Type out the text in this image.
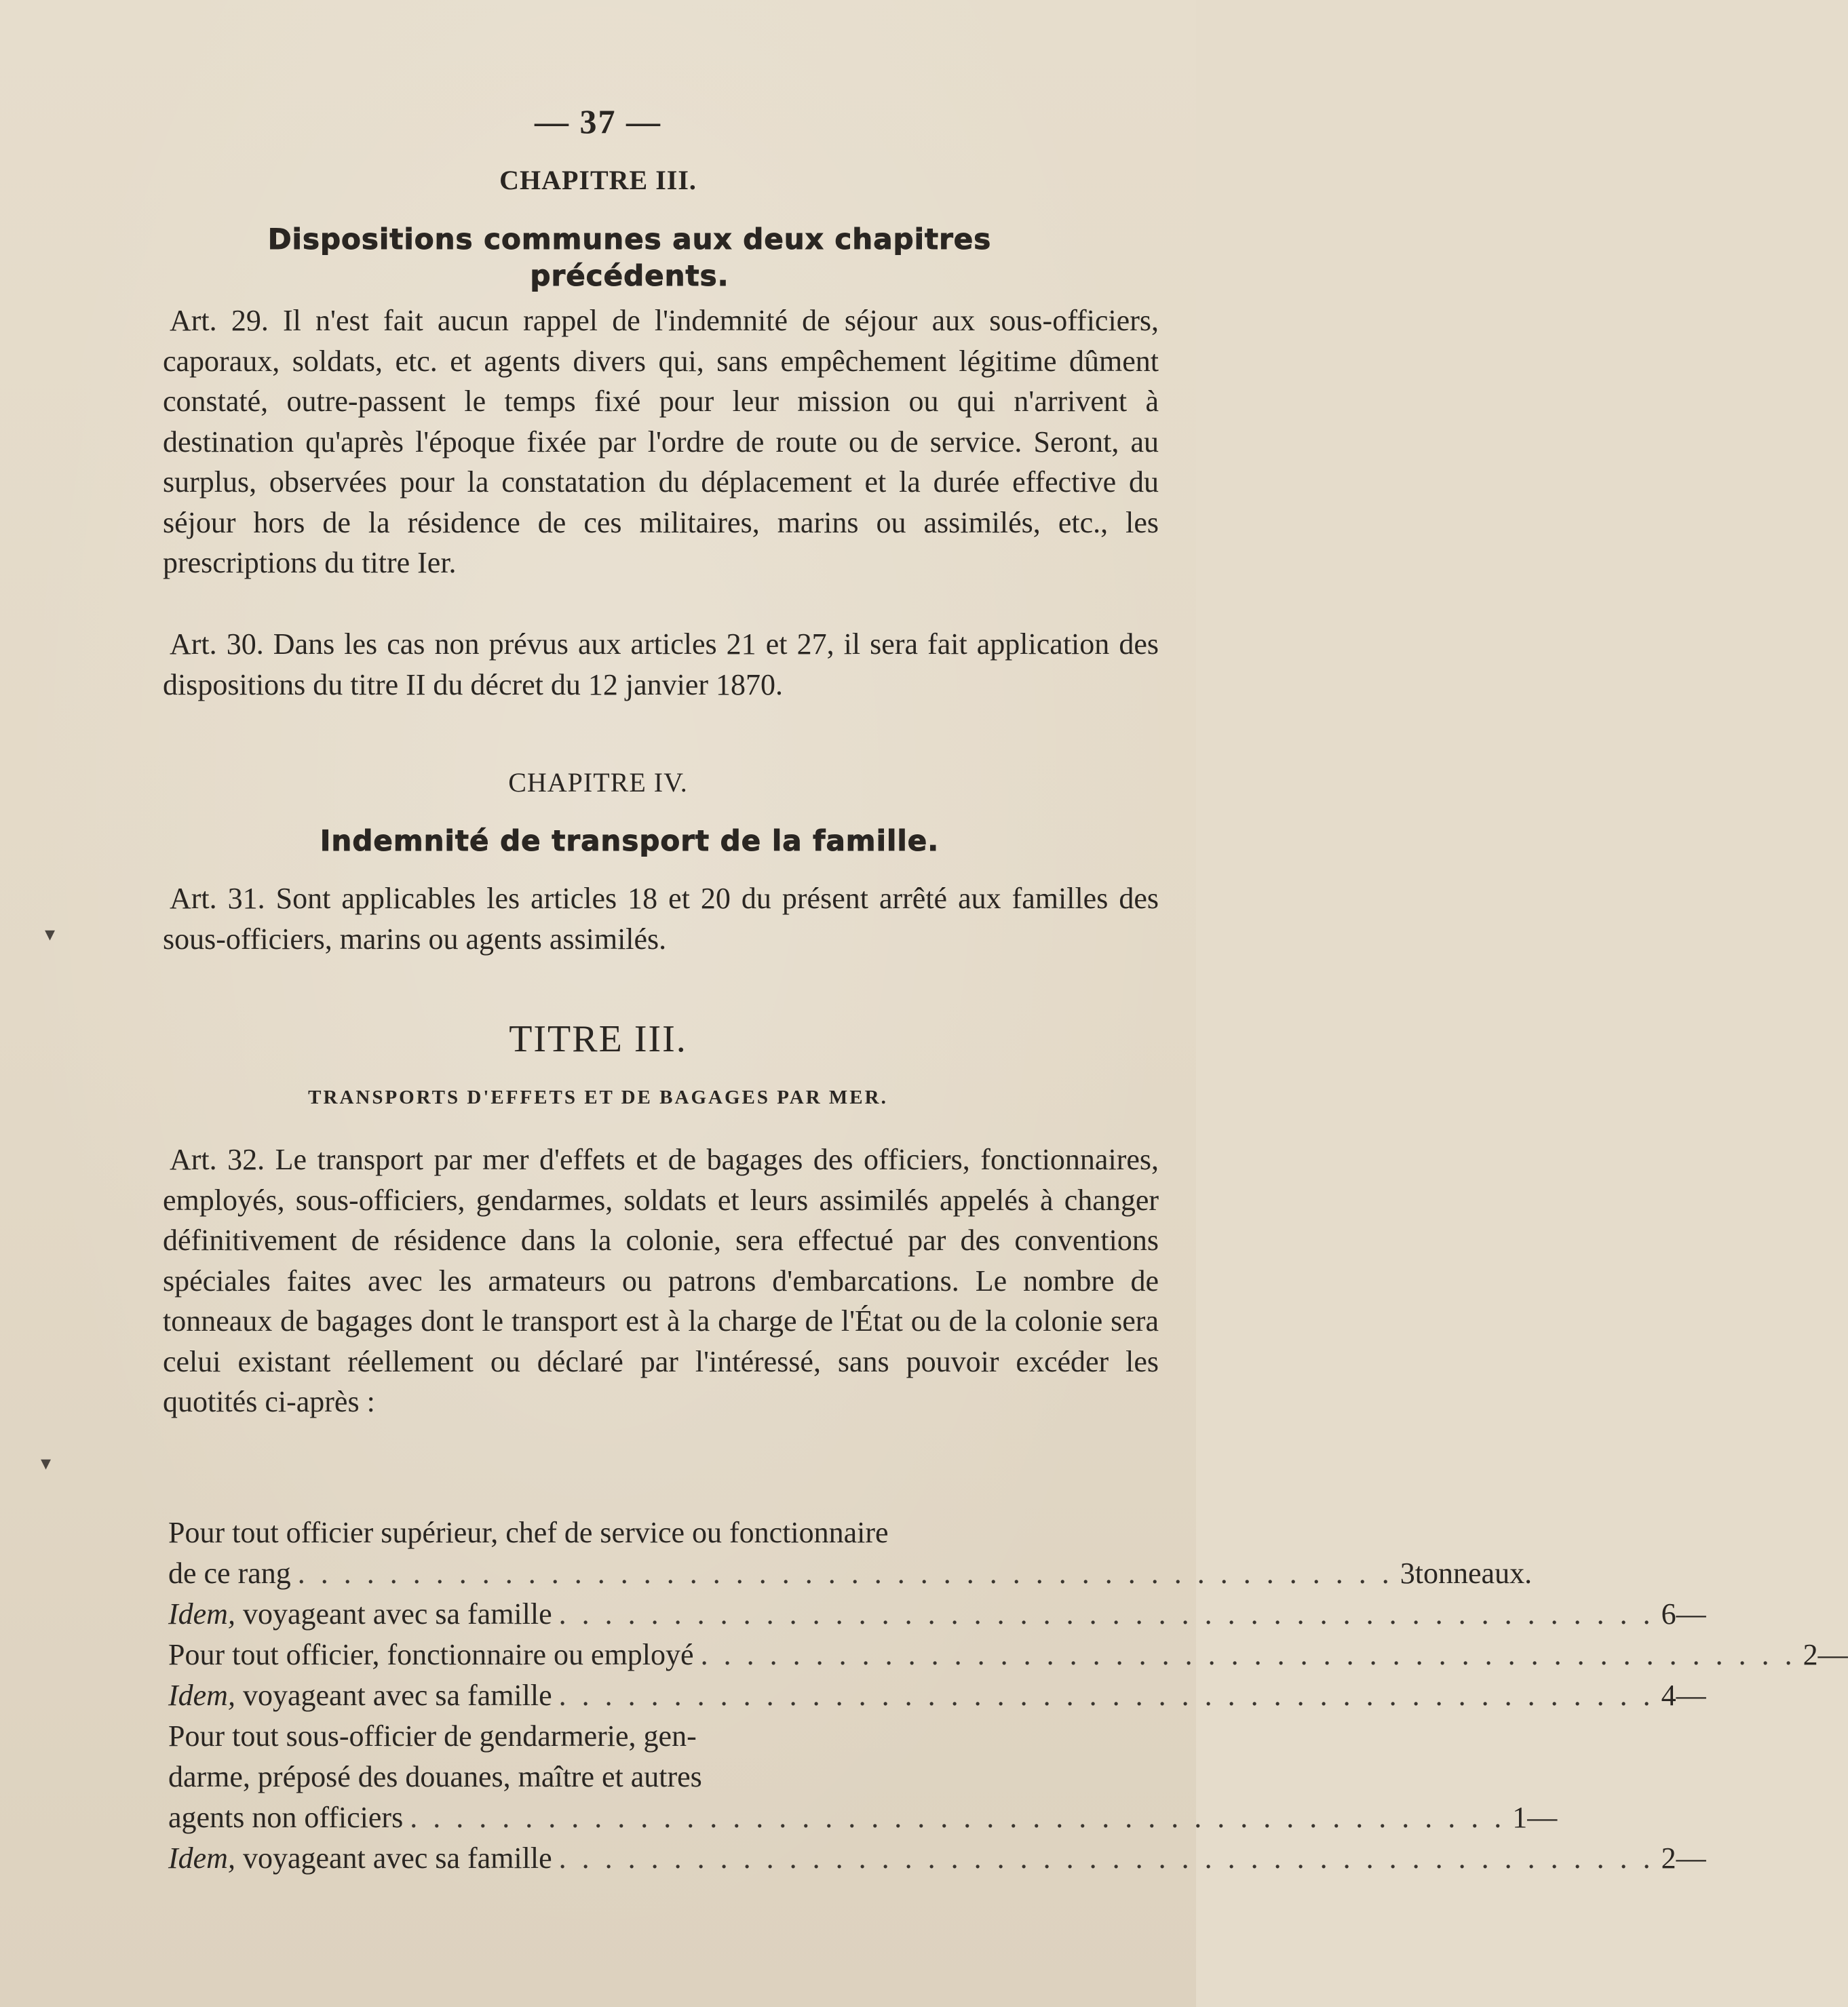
— 37 —
CHAPITRE III.
Dispositions communes aux deux chapitres
précédents.

Art. 29. Il n'est fait aucun rappel de l'indemnité de séjour aux sous-officiers, caporaux, soldats, etc. et agents divers qui, sans empêchement légitime dûment constaté, outre-passent le temps fixé pour leur mission ou qui n'arrivent à destination qu'après l'époque fixée par l'ordre de route ou de service. Seront, au surplus, observées pour la constatation du déplacement et la durée effective du séjour hors de la résidence de ces militaires, marins ou assimilés, etc., les prescriptions du titre Ier.

Art. 30. Dans les cas non prévus aux articles 21 et 27, il sera fait application des dispositions du titre II du décret du 12 janvier 1870.

CHAPITRE IV.
Indemnité de transport de la famille.

Art. 31. Sont applicables les articles 18 et 20 du présent arrêté aux familles des sous-officiers, marins ou agents assimilés.

TITRE III.
TRANSPORTS D'EFFETS ET DE BAGAGES PAR MER.

Art. 32. Le transport par mer d'effets et de bagages des officiers, fonctionnaires, employés, sous-officiers, gendarmes, soldats et leurs assimilés appelés à changer définitivement de résidence dans la colonie, sera effectué par des conventions spéciales faites avec les armateurs ou patrons d'embarcations. Le nombre de tonneaux de bagages dont le transport est à la charge de l'État ou de la colonie sera celui existant réellement ou déclaré par l'intéressé, sans pouvoir excéder les quotités ci-après :

Pour tout officier supérieur, chef de service ou fonctionnaire
de ce rang . . . . . . . . . . . . . . . . . . . . . . . . . . . . . . . . . . . . . . . . . . . . . . . . 3 tonneaux.
Idem, voyageant avec sa famille . . . . . . . . . . . . . . . . . . . . . . . . . . . . . . . . . . . . . . . . . . . . . . . . 6 —
Pour tout officier, fonctionnaire ou employé . . . . . . . . . . . . . . . . . . . . . . . . . . . . . . . . . . . . . . . . . . . . . . . . 2 —
Idem, voyageant avec sa famille . . . . . . . . . . . . . . . . . . . . . . . . . . . . . . . . . . . . . . . . . . . . . . . . 4 —
Pour tout sous-officier de gendarmerie, gen-
darme, préposé des douanes, maître et autres
agents non officiers . . . . . . . . . . . . . . . . . . . . . . . . . . . . . . . . . . . . . . . . . . . . . . . . 1 —
Idem, voyageant avec sa famille . . . . . . . . . . . . . . . . . . . . . . . . . . . . . . . . . . . . . . . . . . . . . . . . 2 —
▾
▾
